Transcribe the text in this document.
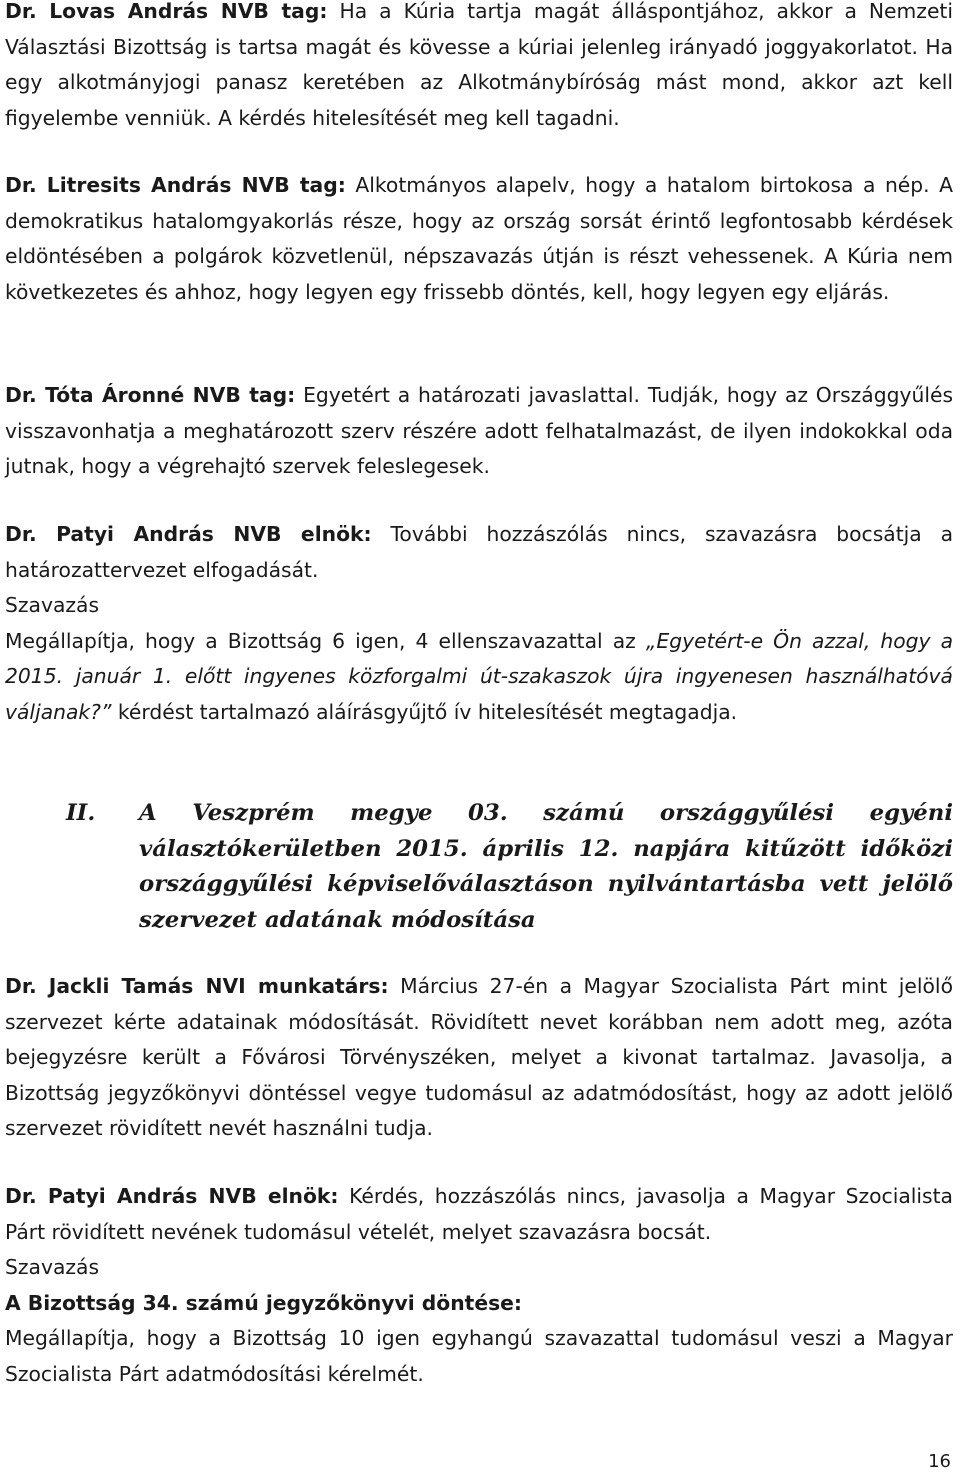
Dr. Lovas András NVB tag: Ha a Kúria tartja magát álláspontjához, akkor a Nemzeti Választási Bizottság is tartsa magát és kövesse a kúriai jelenleg irányadó joggyakorlatot. Ha egy alkotmányjogi panasz keretében az Alkotmánybíróság mást mond, akkor azt kell figyelembe venniük. A kérdés hitelesítését meg kell tagadni.

Dr. Litresits András NVB tag: Alkotmányos alapelv, hogy a hatalom birtokosa a nép. A demokratikus hatalomgyakorlás része, hogy az ország sorsát érintő legfontosabb kérdések eldöntésében a polgárok közvetlenül, népszavazás útján is részt vehessenek. A Kúria nem következetes és ahhoz, hogy legyen egy frissebb döntés, kell, hogy legyen egy eljárás.

Dr. Tóta Áronné NVB tag: Egyetért a határozati javaslattal. Tudják, hogy az Országgyűlés visszavonhatja a meghatározott szerv részére adott felhatalmazást, de ilyen indokokkal oda jutnak, hogy a végrehajtó szervek feleslegesek.

Dr. Patyi András NVB elnök: További hozzászólás nincs, szavazásra bocsátja a határozattervezet elfogadását.

Szavazás

Megállapítja, hogy a Bizottság 6 igen, 4 ellenszavazattal az „Egyetért-e Ön azzal, hogy a 2015. január 1. előtt ingyenes közforgalmi út-szakaszok újra ingyenesen használhatóvá váljanak?” kérdést tartalmazó aláírásgyűjtő ív hitelesítését megtagadja.

II. A Veszprém megye 03. számú országgyűlési egyéni választókerületben 2015. április 12. napjára kitűzött időközi országgyűlési képviselőválasztáson nyilvántartásba vett jelölő szervezet adatának módosítása

Dr. Jackli Tamás NVI munkatárs: Március 27-én a Magyar Szocialista Párt mint jelölő szervezet kérte adatainak módosítását. Rövidített nevet korábban nem adott meg, azóta bejegyzésre került a Fővárosi Törvényszéken, melyet a kivonat tartalmaz. Javasolja, a Bizottság jegyzőkönyvi döntéssel vegye tudomásul az adatmódosítást, hogy az adott jelölő szervezet rövidített nevét használni tudja.

Dr. Patyi András NVB elnök: Kérdés, hozzászólás nincs, javasolja a Magyar Szocialista Párt rövidített nevének tudomásul vételét, melyet szavazásra bocsát.

Szavazás

A Bizottság 34. számú jegyzőkönyvi döntése:

Megállapítja, hogy a Bizottság 10 igen egyhangú szavazattal tudomásul veszi a Magyar Szocialista Párt adatmódosítási kérelmét.

16
